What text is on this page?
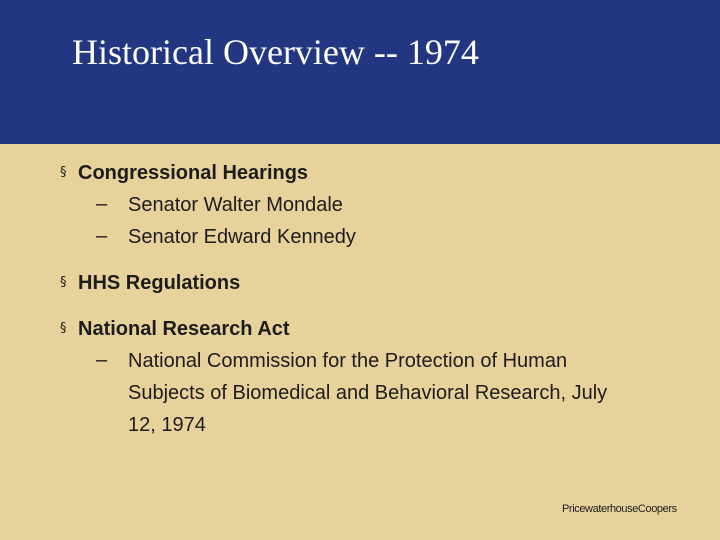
Historical Overview -- 1974
§ Congressional Hearings
– Senator Walter Mondale
– Senator Edward Kennedy
§ HHS Regulations
§ National Research Act
– National Commission for the Protection of Human Subjects of Biomedical and Behavioral Research, July 12, 1974
PricewaterhouseCoopers
